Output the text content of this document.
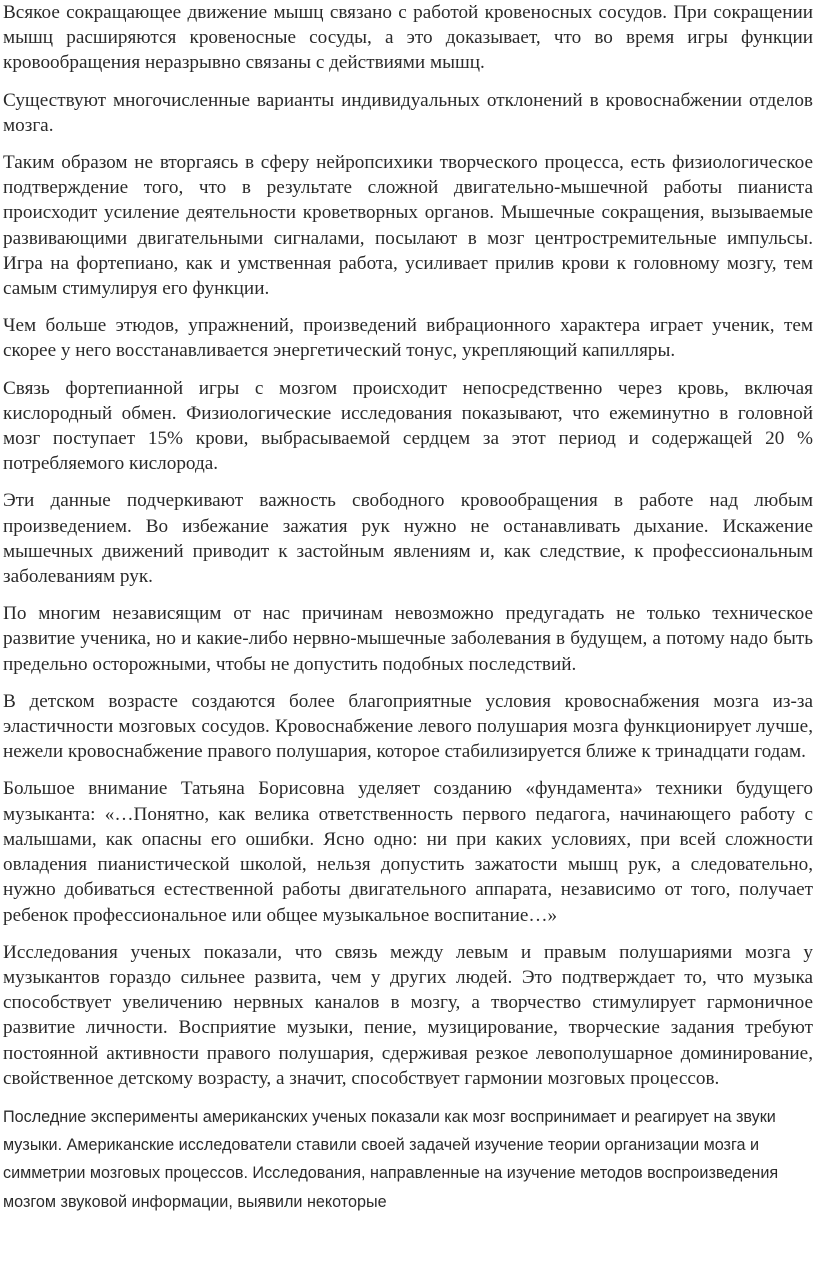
Всякое сокращающее движение мышц связано с работой кровеносных сосудов. При сокращении мышц расширяются кровеносные сосуды, а это доказывает, что во время игры функции кровообращения неразрывно связаны с действиями мышц.

Существуют многочисленные варианты индивидуальных отклонений в кровоснабжении отделов мозга.

Таким образом не вторгаясь в сферу нейропсихики творческого процесса, есть физиологическое подтверждение того, что в результате сложной двигательно-мышечной работы пианиста происходит усиление деятельности кроветворных органов. Мышечные сокращения, вызываемые развивающими двигательными сигналами, посылают в мозг центростремительные импульсы. Игра на фортепиано, как и умственная работа, усиливает прилив крови к головному мозгу, тем самым стимулируя его функции.

Чем больше этюдов, упражнений, произведений вибрационного характера играет ученик, тем скорее у него восстанавливается энергетический тонус, укрепляющий капилляры.

Связь фортепианной игры с мозгом происходит непосредственно через кровь, включая кислородный обмен. Физиологические исследования показывают, что ежеминутно в головной мозг поступает 15% крови, выбрасываемой сердцем за этот период и содержащей 20 % потребляемого кислорода.

Эти данные подчеркивают важность свободного кровообращения в работе над любым произведением. Во избежание зажатия рук нужно не останавливать дыхание. Искажение мышечных движений приводит к застойным явлениям и, как следствие, к профессиональным заболеваниям рук.

По многим независящим от нас причинам невозможно предугадать не только техническое развитие ученика, но и какие-либо нервно-мышечные заболевания в будущем, а потому надо быть предельно осторожными, чтобы не допустить подобных последствий.

В детском возрасте создаются более благоприятные условия кровоснабжения мозга из-за эластичности мозговых сосудов. Кровоснабжение левого полушария мозга функционирует лучше, нежели кровоснабжение правого полушария, которое стабилизируется ближе к тринадцати годам.

Большое внимание Татьяна Борисовна уделяет созданию «фундамента» техники будущего музыканта: «…Понятно, как велика ответственность первого педагога, начинающего работу с малышами, как опасны его ошибки. Ясно одно: ни при каких условиях, при всей сложности овладения пианистической школой, нельзя допустить зажатости мышц рук, а следовательно, нужно добиваться естественной работы двигательного аппарата, независимо от того, получает ребенок профессиональное или общее музыкальное воспитание…»

Исследования ученых показали, что связь между левым и правым полушариями мозга у музыкантов гораздо сильнее развита, чем у других людей. Это подтверждает то, что музыка способствует увеличению нервных каналов в мозгу, а творчество стимулирует гармоничное развитие личности. Восприятие музыки, пение, музицирование, творческие задания требуют постоянной активности правого полушария, сдерживая резкое левополушарное доминирование, свойственное детскому возрасту, а значит, способствует гармонии мозговых процессов.

Последние эксперименты американских ученых показали как мозг воспринимает и реагирует на звуки музыки. Американские исследователи ставили своей задачей изучение теории организации мозга и симметрии мозговых процессов. Исследования, направленные на изучение методов воспроизведения мозгом звуковой информации, выявили некоторые
